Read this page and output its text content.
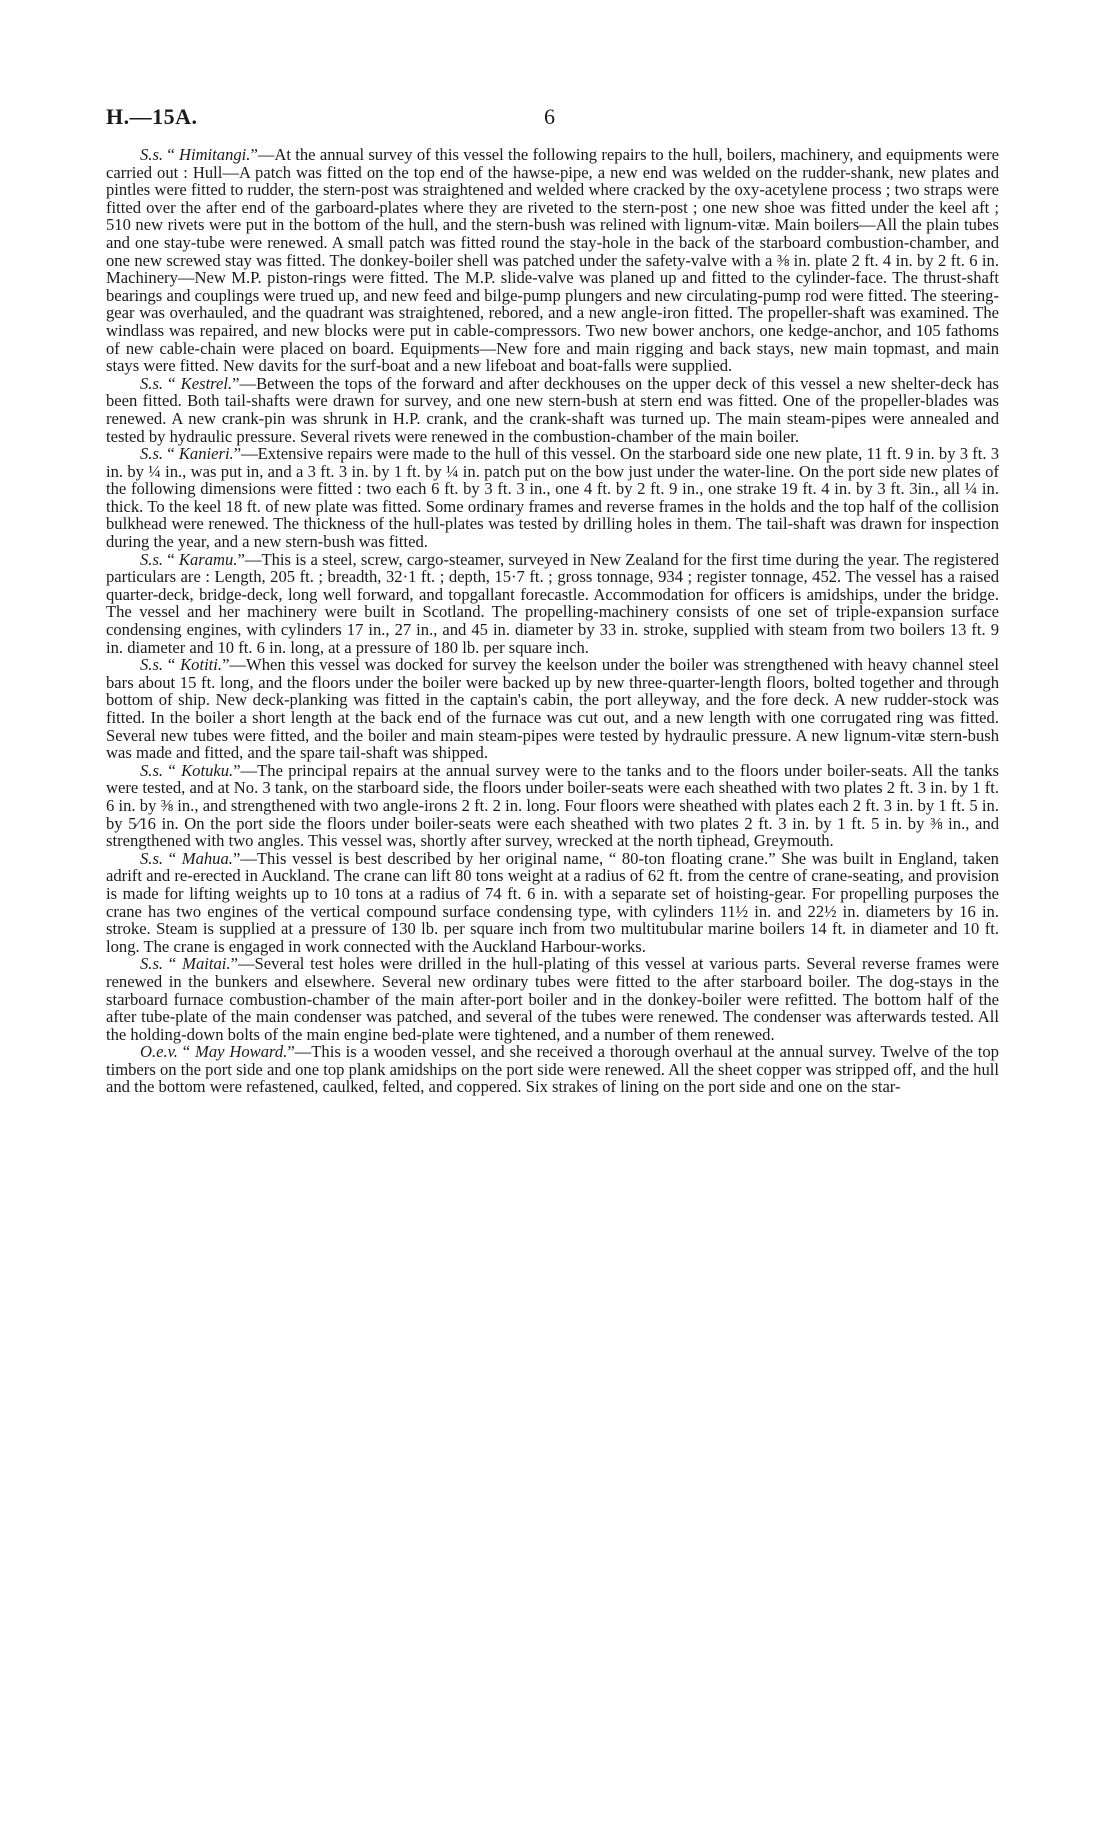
H.—15A.	6

S.s. “ Himitangi.”—At the annual survey of this vessel the following repairs to the hull, boilers, machinery, and equipments were carried out : Hull—A patch was fitted on the top end of the hawse-pipe, a new end was welded on the rudder-shank, new plates and pintles were fitted to rudder, the stern-post was straightened and welded where cracked by the oxy-acetylene process ; two straps were fitted over the after end of the garboard-plates where they are riveted to the stern-post ; one new shoe was fitted under the keel aft ; 510 new rivets were put in the bottom of the hull, and the stern-bush was relined with lignum-vitæ. Main boilers—All the plain tubes and one stay-tube were renewed. A small patch was fitted round the stay-hole in the back of the starboard combustion-chamber, and one new screwed stay was fitted. The donkey-boiler shell was patched under the safety-valve with a ⅜ in. plate 2 ft. 4 in. by 2 ft. 6 in. Machinery—New M.P. piston-rings were fitted. The M.P. slide-valve was planed up and fitted to the cylinder-face. The thrust-shaft bearings and couplings were trued up, and new feed and bilge-pump plungers and new circulating-pump rod were fitted. The steering-gear was overhauled, and the quadrant was straightened, rebored, and a new angle-iron fitted. The propeller-shaft was examined. The windlass was repaired, and new blocks were put in cable-compressors. Two new bower anchors, one kedge-anchor, and 105 fathoms of new cable-chain were placed on board. Equipments—New fore and main rigging and back stays, new main topmast, and main stays were fitted. New davits for the surf-boat and a new lifeboat and boat-falls were supplied.

S.s. “ Kestrel.”—Between the tops of the forward and after deckhouses on the upper deck of this vessel a new shelter-deck has been fitted. Both tail-shafts were drawn for survey, and one new stern-bush at stern end was fitted. One of the propeller-blades was renewed. A new crank-pin was shrunk in H.P. crank, and the crank-shaft was turned up. The main steam-pipes were annealed and tested by hydraulic pressure. Several rivets were renewed in the combustion-chamber of the main boiler.

S.s. “ Kanieri.”—Extensive repairs were made to the hull of this vessel. On the starboard side one new plate, 11 ft. 9 in. by 3 ft. 3 in. by ¼ in., was put in, and a 3 ft. 3 in. by 1 ft. by ¼ in. patch put on the bow just under the water-line. On the port side new plates of the following dimensions were fitted : two each 6 ft. by 3 ft. 3 in., one 4 ft. by 2 ft. 9 in., one strake 19 ft. 4 in. by 3 ft. 3in., all ¼ in. thick. To the keel 18 ft. of new plate was fitted. Some ordinary frames and reverse frames in the holds and the top half of the collision bulkhead were renewed. The thickness of the hull-plates was tested by drilling holes in them. The tail-shaft was drawn for inspection during the year, and a new stern-bush was fitted.

S.s. “ Karamu.”—This is a steel, screw, cargo-steamer, surveyed in New Zealand for the first time during the year. The registered particulars are : Length, 205 ft. ; breadth, 32·1 ft. ; depth, 15·7 ft. ; gross tonnage, 934 ; register tonnage, 452. The vessel has a raised quarter-deck, bridge-deck, long well forward, and topgallant forecastle. Accommodation for officers is amidships, under the bridge. The vessel and her machinery were built in Scotland. The propelling-machinery consists of one set of triple-expansion surface condensing engines, with cylinders 17 in., 27 in., and 45 in. diameter by 33 in. stroke, supplied with steam from two boilers 13 ft. 9 in. diameter and 10 ft. 6 in. long, at a pressure of 180 lb. per square inch.

S.s. “ Kotiti.”—When this vessel was docked for survey the keelson under the boiler was strengthened with heavy channel steel bars about 15 ft. long, and the floors under the boiler were backed up by new three-quarter-length floors, bolted together and through bottom of ship. New deck-planking was fitted in the captain's cabin, the port alleyway, and the fore deck. A new rudder-stock was fitted. In the boiler a short length at the back end of the furnace was cut out, and a new length with one corrugated ring was fitted. Several new tubes were fitted, and the boiler and main steam-pipes were tested by hydraulic pressure. A new lignum-vitæ stern-bush was made and fitted, and the spare tail-shaft was shipped.

S.s. “ Kotuku.”—The principal repairs at the annual survey were to the tanks and to the floors under boiler-seats. All the tanks were tested, and at No. 3 tank, on the starboard side, the floors under boiler-seats were each sheathed with two plates 2 ft. 3 in. by 1 ft. 6 in. by ⅜ in., and strengthened with two angle-irons 2 ft. 2 in. long. Four floors were sheathed with plates each 2 ft. 3 in. by 1 ft. 5 in. by 5⁄16 in. On the port side the floors under boiler-seats were each sheathed with two plates 2 ft. 3 in. by 1 ft. 5 in. by ⅜ in., and strengthened with two angles. This vessel was, shortly after survey, wrecked at the north tiphead, Greymouth.

S.s. “ Mahua.”—This vessel is best described by her original name, “ 80-ton floating crane.” She was built in England, taken adrift and re-erected in Auckland. The crane can lift 80 tons weight at a radius of 62 ft. from the centre of crane-seating, and provision is made for lifting weights up to 10 tons at a radius of 74 ft. 6 in. with a separate set of hoisting-gear. For propelling purposes the crane has two engines of the vertical compound surface condensing type, with cylinders 11½ in. and 22½ in. diameters by 16 in. stroke. Steam is supplied at a pressure of 130 lb. per square inch from two multitubular marine boilers 14 ft. in diameter and 10 ft. long. The crane is engaged in work connected with the Auckland Harbour-works.

S.s. “ Maitai.”—Several test holes were drilled in the hull-plating of this vessel at various parts. Several reverse frames were renewed in the bunkers and elsewhere. Several new ordinary tubes were fitted to the after starboard boiler. The dog-stays in the starboard furnace combustion-chamber of the main after-port boiler and in the donkey-boiler were refitted. The bottom half of the after tube-plate of the main condenser was patched, and several of the tubes were renewed. The condenser was afterwards tested. All the holding-down bolts of the main engine bed-plate were tightened, and a number of them renewed.

O.e.v. “ May Howard.”—This is a wooden vessel, and she received a thorough overhaul at the annual survey. Twelve of the top timbers on the port side and one top plank amidships on the port side were renewed. All the sheet copper was stripped off, and the hull and the bottom were refastened, caulked, felted, and coppered. Six strakes of lining on the port side and one on the star-
